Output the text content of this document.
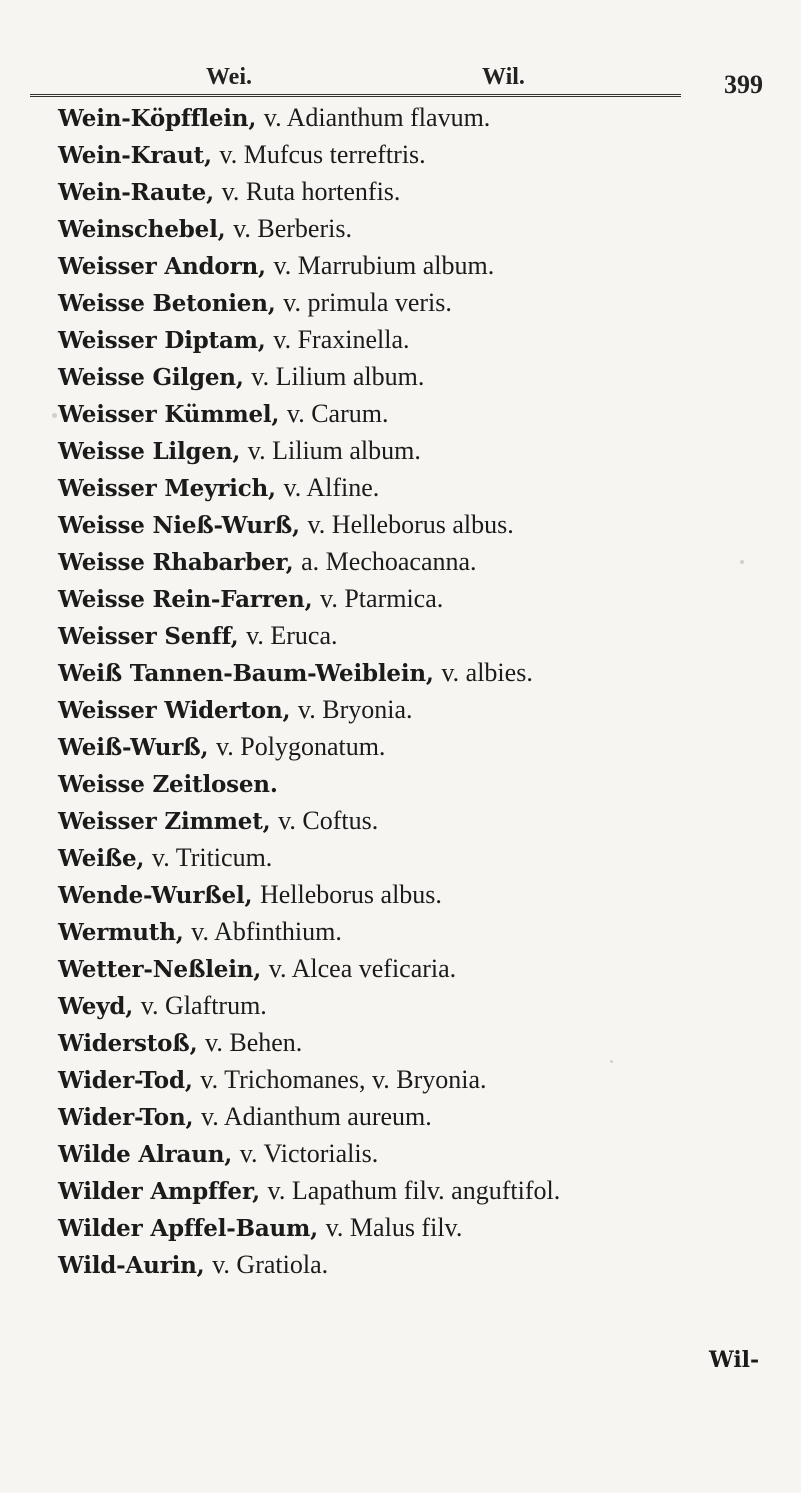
Wei.	Wil.	399
Wein-Köpfflein, v. Adianthum flavum.
Wein-Kraut, v. Mufcus terreftris.
Wein-Raute, v. Ruta hortenfis.
Weinschebel, v. Berberis.
Weisser Andorn, v. Marrubium album.
Weisse Betonien, v. primula veris.
Weisser Diptam, v. Fraxinella.
Weisse Gilgen, v. Lilium album.
Weisser Kümmel, v. Carum.
Weisse Lilgen, v. Lilium album.
Weisser Meyrich, v. Alfine.
Weisse Nieß-Wurß, v. Helleborus albus.
Weisse Rhabarber, a. Mechoacanna.
Weisse Rein-Farren, v. Ptarmica.
Weisser Senff, v. Eruca.
Weiß Tannen-Baum-Weiblein, v. albies.
Weisser Widerton, v. Bryonia.
Weiß-Wurß, v. Polygonatum.
Weisse Zeitlosen.
Weisser Zimmet, v. Coftus.
Weiße, v. Triticum.
Wende-Wurßel, Helleborus albus.
Wermuth, v. Abfinthium.
Wetter-Neßlein, v. Alcea veficaria.
Weyd, v. Glaftrum.
Widerstoß, v. Behen.
Wider-Tod, v. Trichomanes, v. Bryonia.
Wider-Ton, v. Adianthum aureum.
Wilde Alraun, v. Victorialis.
Wilder Ampffer, v. Lapathum filv. anguftifol.
Wilder Apffel-Baum, v. Malus filv.
Wild-Aurin, v. Gratiola.
Wil-
